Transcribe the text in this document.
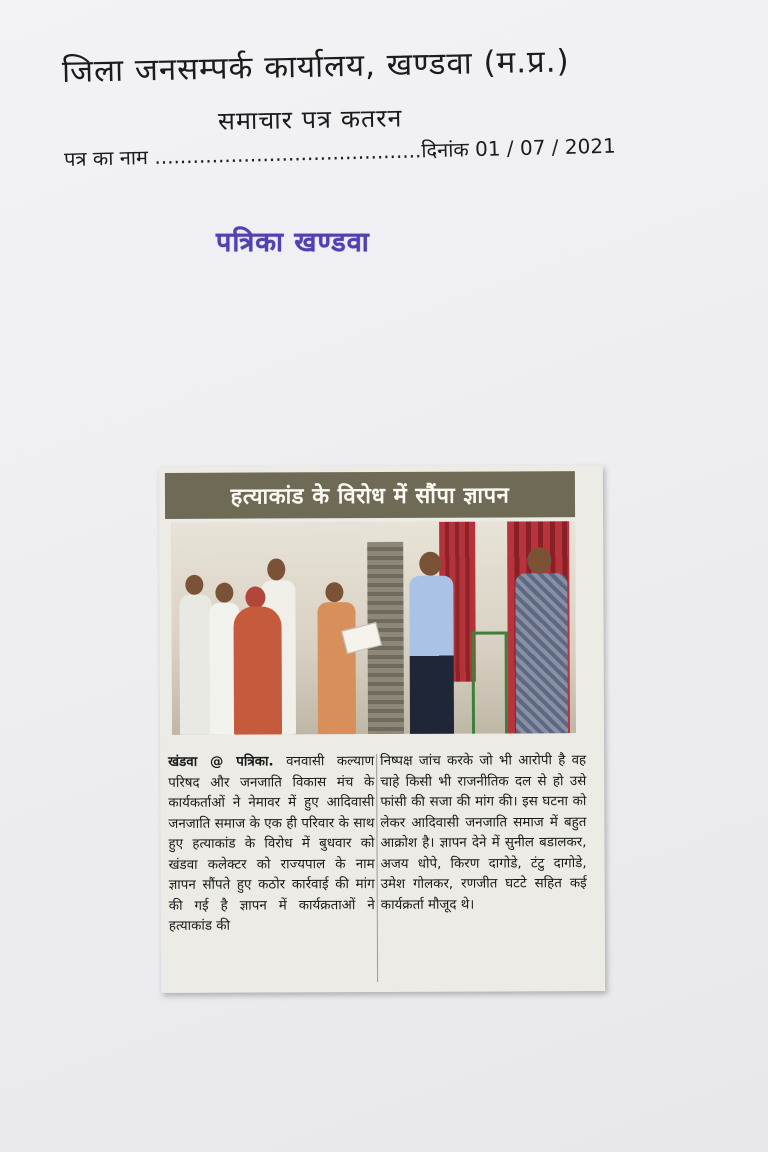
जिला जनसम्पर्क कार्यालय, खण्डवा (म.प्र.)
समाचार पत्र कतरन
पत्र का नाम ..........................................दिनांक 01 / 07 / 2021
पत्रिका खण्डवा
हत्याकांड के विरोध में सौंपा ज्ञापन
खंडवा @ पत्रिका. वनवासी कल्याण परिषद और जनजाति विकास मंच के कार्यकर्ताओं ने नेमावर में हुए आदिवासी जनजाति समाज के एक ही परिवार के साथ हुए हत्याकांड के विरोध में बुधवार को खंडवा कलेक्टर को राज्यपाल के नाम ज्ञापन सौंपते हुए कठोर कार्रवाई की मांग की गई है ज्ञापन में कार्यक्रताओं ने हत्याकांड की
निष्पक्ष जांच करके जो भी आरोपी है वह चाहे किसी भी राजनीतिक दल से हो उसे फांसी की सजा की मांग की। इस घटना को लेकर आदिवासी जनजाति समाज में बहुत आक्रोश है। ज्ञापन देने में सुनील बडालकर, अजय धोपे, किरण दागोडे, टंटु दागोडे, उमेश गोलकर, रणजीत घटटे सहित कई कार्यक्रर्ता मौजूद थे।
